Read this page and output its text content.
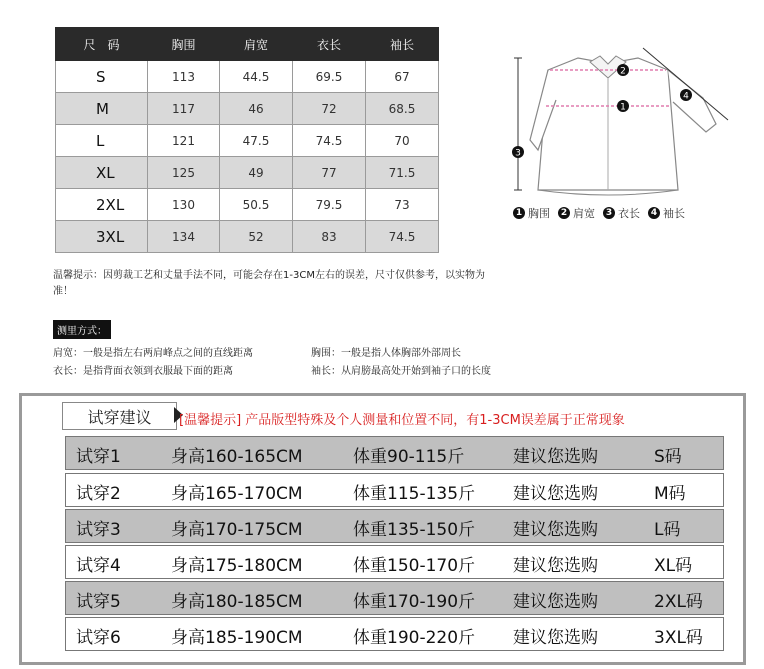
尺　码	胸围	肩宽	衣长	袖长
S	113	44.5	69.5	67
M	117	46	72	68.5
L	121	47.5	74.5	70
XL	125	49	77	71.5
2XL	130	50.5	79.5	73
3XL	134	52	83	74.5
1
2
3
4
1 胸围	2 肩宽	3 衣长	4 袖长
温馨提示：因剪裁工艺和丈量手法不同，可能会存在1-3CM左右的误差，尺寸仅供参考，以实物为准！
测里方式：
肩宽：一般是指左右两肩峰点之间的直线距离	胸围：一般是指人体胸部外部周长
衣长：是指背面衣领到衣服最下面的距离	袖长：从肩膀最高处开始到袖子口的长度
试穿建议	[温馨提示] 产品版型特殊及个人测量和位置不同，有1-3CM误差属于正常现象
试穿1	身高160-165CM	体重90-115斤	建议您选购	S码
试穿2	身高165-170CM	体重115-135斤 建议您选购	M码
试穿3	身高170-175CM	体重135-150斤 建议您选购	L码
试穿4	身高175-180CM	体重150-170斤 建议您选购	XL码
试穿5	身高180-185CM	体重170-190斤 建议您选购	2XL码
试穿6	身高185-190CM	体重190-220斤 建议您选购	3XL码
